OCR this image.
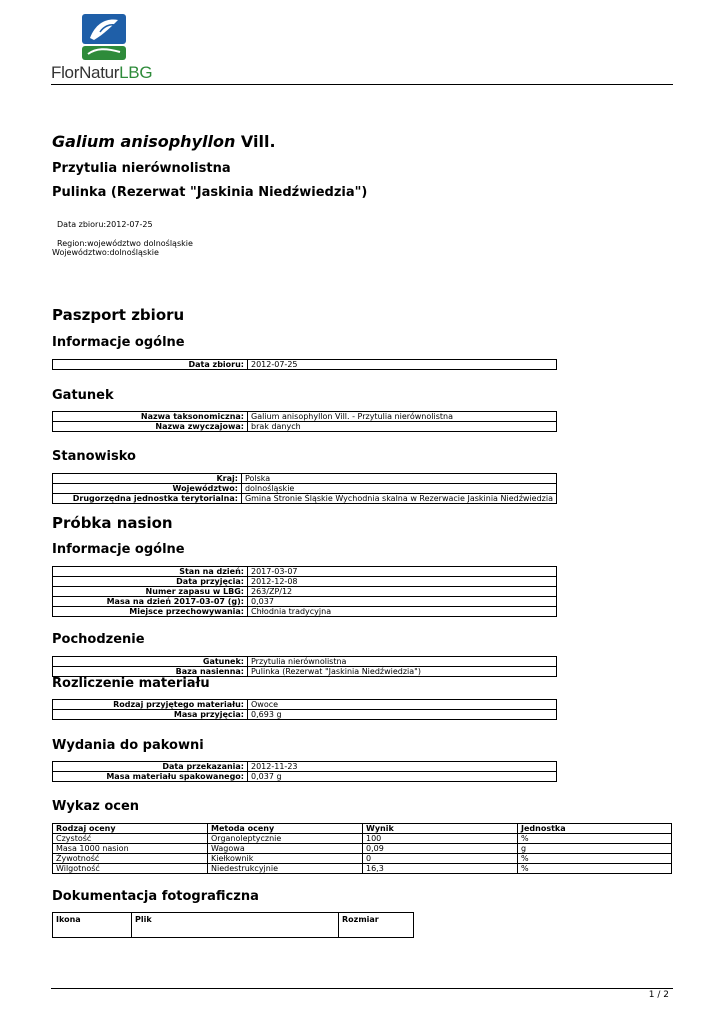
FlorNaturLBG
Galium anisophyllon Vill.
Przytulia nierównolistna
Pulinka (Rezerwat "Jaskinia Niedźwiedzia")
Data zbioru:2012-07-25
Region:województwo dolnośląskie
Województwo:dolnośląskie
Paszport zbioru
Informacje ogólne
Data zbioru:	2012-07-25
Gatunek
Nazwa taksonomiczna:	Galium anisophyllon Vill. - Przytulia nierównolistna
Nazwa zwyczajowa:	brak danych
Stanowisko
Kraj:	Polska
Województwo:	dolnośląskie
Drugorzędna jednostka terytorialna:	Gmina Stronie Śląskie Wychodnia skalna w Rezerwacie Jaskinia Niedźwiedzia
Próbka nasion
Informacje ogólne
Stan na dzień:	2017-03-07
Data przyjęcia:	2012-12-08
Numer zapasu w LBG:	263/ZP/12
Masa na dzień 2017-03-07 (g):	0,037
Miejsce przechowywania:	Chłodnia tradycyjna
Pochodzenie
Gatunek:	Przytulia nierównolistna
Baza nasienna:	Pulinka (Rezerwat "Jaskinia Niedźwiedzia")
Rozliczenie materiału
Rodzaj przyjętego materiału:	Owoce
Masa przyjęcia:	0,693 g
Wydania do pakowni
Data przekazania:	2012-11-23
Masa materiału spakowanego:	0,037 g
Wykaz ocen
Rodzaj oceny	Metoda oceny	Wynik	Jednostka
Czystość	Organoleptycznie	100	%
Masa 1000 nasion	Wagowa	0,09	g
Żywotność	Kiełkownik	0	%
Wilgotność	Niedestrukcyjnie	16,3	%
Dokumentacja fotograficzna
Ikona	Plik	Rozmiar
1 / 2
